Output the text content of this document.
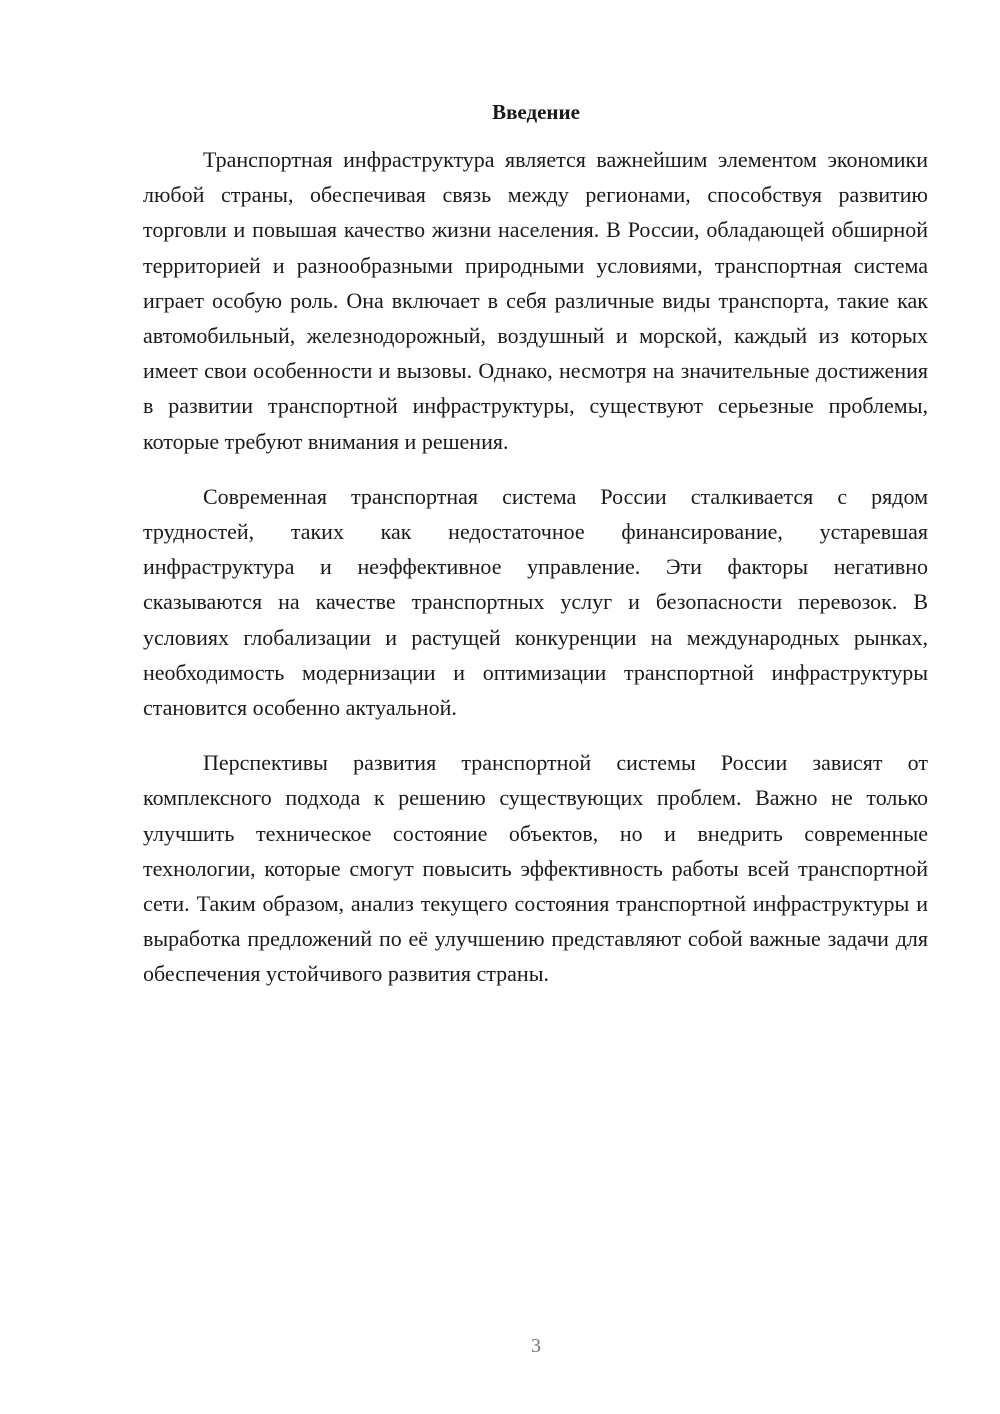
Введение

Транспортная инфраструктура является важнейшим элементом экономики любой страны, обеспечивая связь между регионами, способствуя развитию торговли и повышая качество жизни населения. В России, обладающей обширной территорией и разнообразными природными условиями, транспортная система играет особую роль. Она включает в себя различные виды транспорта, такие как автомобильный, железнодорожный, воздушный и морской, каждый из которых имеет свои особенности и вызовы. Однако, несмотря на значительные достижения в развитии транспортной инфраструктуры, существуют серьезные проблемы, которые требуют внимания и решения.

Современная транспортная система России сталкивается с рядом трудностей, таких как недостаточное финансирование, устаревшая инфраструктура и неэффективное управление. Эти факторы негативно сказываются на качестве транспортных услуг и безопасности перевозок. В условиях глобализации и растущей конкуренции на международных рынках, необходимость модернизации и оптимизации транспортной инфраструктуры становится особенно актуальной.

Перспективы развития транспортной системы России зависят от комплексного подхода к решению существующих проблем. Важно не только улучшить техническое состояние объектов, но и внедрить современные технологии, которые смогут повысить эффективность работы всей транспортной сети. Таким образом, анализ текущего состояния транспортной инфраструктуры и выработка предложений по её улучшению представляют собой важные задачи для обеспечения устойчивого развития страны.

3
